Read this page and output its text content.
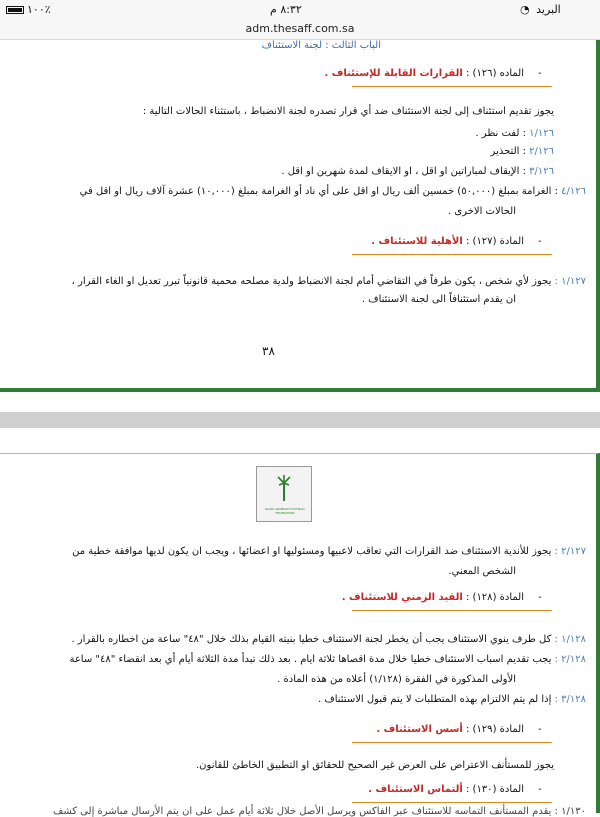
١٠٠٪	٨:٣٢ م	البريد ◔
adm.thesaff.com.sa
الباب الثالث : لجنة الاستئناف
-
الماده (١٢٦) : القرارات القابلة للإستئناف .
يجوز تقديم استئناف إلى لجنة الاستئناف ضد أي قرار تصدره لجنة الانضباط ، باستثناء الحالات التالية :
١/١٢٦ : لفت نظر .
٢/١٢٦ : التحذير
٣/١٢٦ : الإيقاف لمباراتين او اقل ، او الايقاف لمدة شهرين او اقل .
٤/١٢٦ : الغرامة بمبلغ (٥٠,٠٠٠) خمسين ألف ريال او اقل على أي ناد أو الغرامة بمبلغ (١٠,٠٠٠) عشرة آلاف ريال او اقل في
الحالات الاخرى .
-
المادة (١٢٧) : الأهلية للاستئناف .
١/١٢٧ : يجوز لأي شخص ، يكون طرفاً في التقاضي أمام لجنة الانضباط ولدية مصلحه محمية قانونياً تبرر تعديل او الغاء القرار ،
ان يقدم استئنافاً الى لجنة الاستئناف .
٣٨
SAUDI ARABIAN FOOTBALL FEDERATION
٢/١٢٧ : يجوز للأندية الاستئناف ضد القرارات التي تعاقب لاعبيها ومسئوليها او اعضائها ، ويجب ان يكون لديها موافقة خطية من
الشخص المعني.
-
المادة (١٢٨) : القيد الزمني للاستئناف .
١/١٢٨ : كل طرف ينوي الاستئناف يجب أن يخطر لجنة الاستئناف خطيا بنيته القيام بذلك خلال "٤٨" ساعة من اخطاره بالقرار .
٢/١٢٨ : يجب تقديم اسباب الاستئناف خطيا خلال مدة اقصاها ثلاثة ايام . بعد ذلك تبدأ مدة الثلاثة أيام أي بعد انقضاء "٤٨" ساعة
الأولى المذكورة في الفقرة (١/١٢٨) أعلاه من هذه المادة .
٣/١٢٨ : إذا لم يتم الالتزام بهذه المتطلبات لا يتم قبول الاستئناف .
-
المادة (١٢٩) : أسس الاستئناف .
يجوز للمستأنف الاعتراض على العرض غير الصحيح للحقائق او التطبيق الخاطئ للقانون.
-
المادة (١٣٠) : ألتماس الاستئناف .
١/١٣٠ : يقدم المستأنف التماسه للاستئناف عبر الفاكس ويرسل الأصل خلال ثلاثة أيام عمل على ان يتم الأرسال مباشرة إلى كشف
